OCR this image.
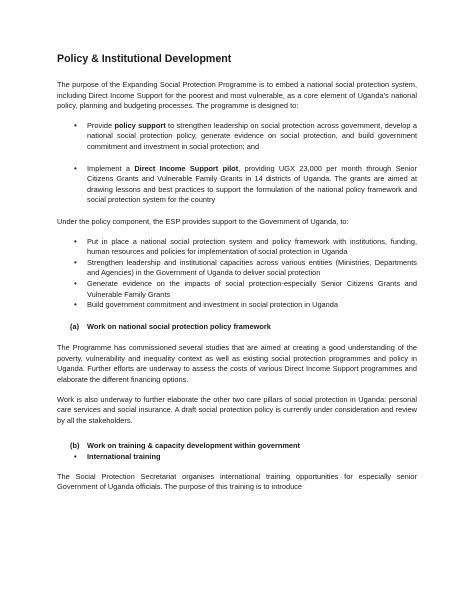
Policy & Institutional Development

The purpose of the Expanding Social Protection Programme is to embed a national social protection system, including Direct Income Support for the poorest and most vulnerable, as a core element of Uganda’s national policy, planning and budgeting processes. The programme is designed to:

• Provide policy support to strengthen leadership on social protection across government, develop a national social protection policy, generate evidence on social protection, and build government commitment and investment in social protection; and
• Implement a Direct Income Support pilot, providing UGX 23,000 per month through Senior Citizens Grants and Vulnerable Family Grants in 14 districts of Uganda. The grants are aimed at drawing lessons and best practices to support the formulation of the national policy framework and social protection system for the country

Under the policy component, the ESP provides support to the Government of Uganda, to:

• Put in place a national social protection system and policy framework with institutions, funding, human resources and policies for implementation of social protection in Uganda
• Strengthen leadership and institutional capacities across various entities (Ministries, Departments and Agencies) in the Government of Uganda to deliver social protection
• Generate evidence on the impacts of social protection-especially Senior Citizens Grants and Vulnerable Family Grants
• Build government commitment and investment in social protection in Uganda
(a) Work on national social protection policy framework

The Programme has commissioned several studies that are aimed at creating a good understanding of the poverty, vulnerability and inequality context as well as existing social protection programmes and policy in Uganda. Further efforts are underway to assess the costs of various Direct Income Support programmes and elaborate the different financing options.

Work is also underway to further elaborate the other two care pillars of social protection in Uganda: personal care services and social insurance. A draft social protection policy is currently under consideration and review by all the stakeholders.

(b) Work on training & capacity development within government
• International training

The Social Protection Secretariat organises international training opportunities for especially senior Government of Uganda officials. The purpose of this training is to introduce
